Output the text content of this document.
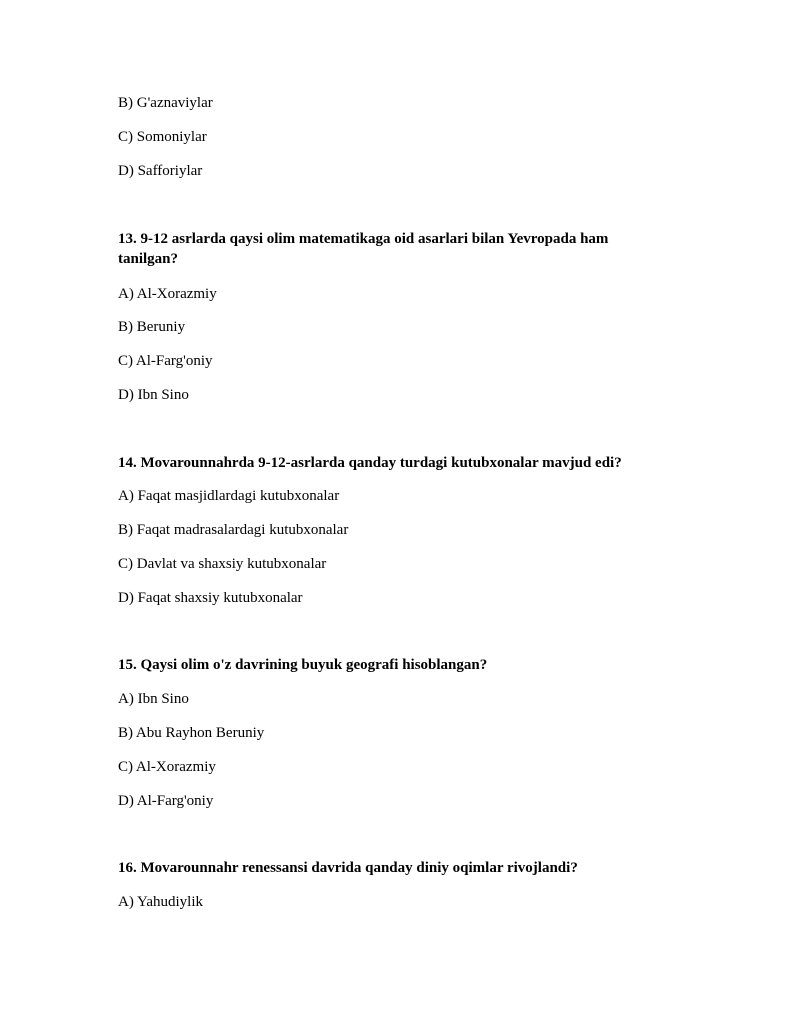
B) G'aznaviylar
C) Somoniylar
D) Safforiylar
13. 9-12 asrlarda qaysi olim matematikaga oid asarlari bilan Yevropada ham
tanilgan?
A) Al-Xorazmiy
B) Beruniy
C) Al-Farg'oniy
D) Ibn Sino
14. Movarounnahrda 9-12-asrlarda qanday turdagi kutubxonalar mavjud edi?
A) Faqat masjidlardagi kutubxonalar
B) Faqat madrasalardagi kutubxonalar
C) Davlat va shaxsiy kutubxonalar
D) Faqat shaxsiy kutubxonalar
15. Qaysi olim o'z davrining buyuk geografi hisoblangan?
A) Ibn Sino
B) Abu Rayhon Beruniy
C) Al-Xorazmiy
D) Al-Farg'oniy
16. Movarounnahr renessansi davrida qanday diniy oqimlar rivojlandi?
A) Yahudiylik
